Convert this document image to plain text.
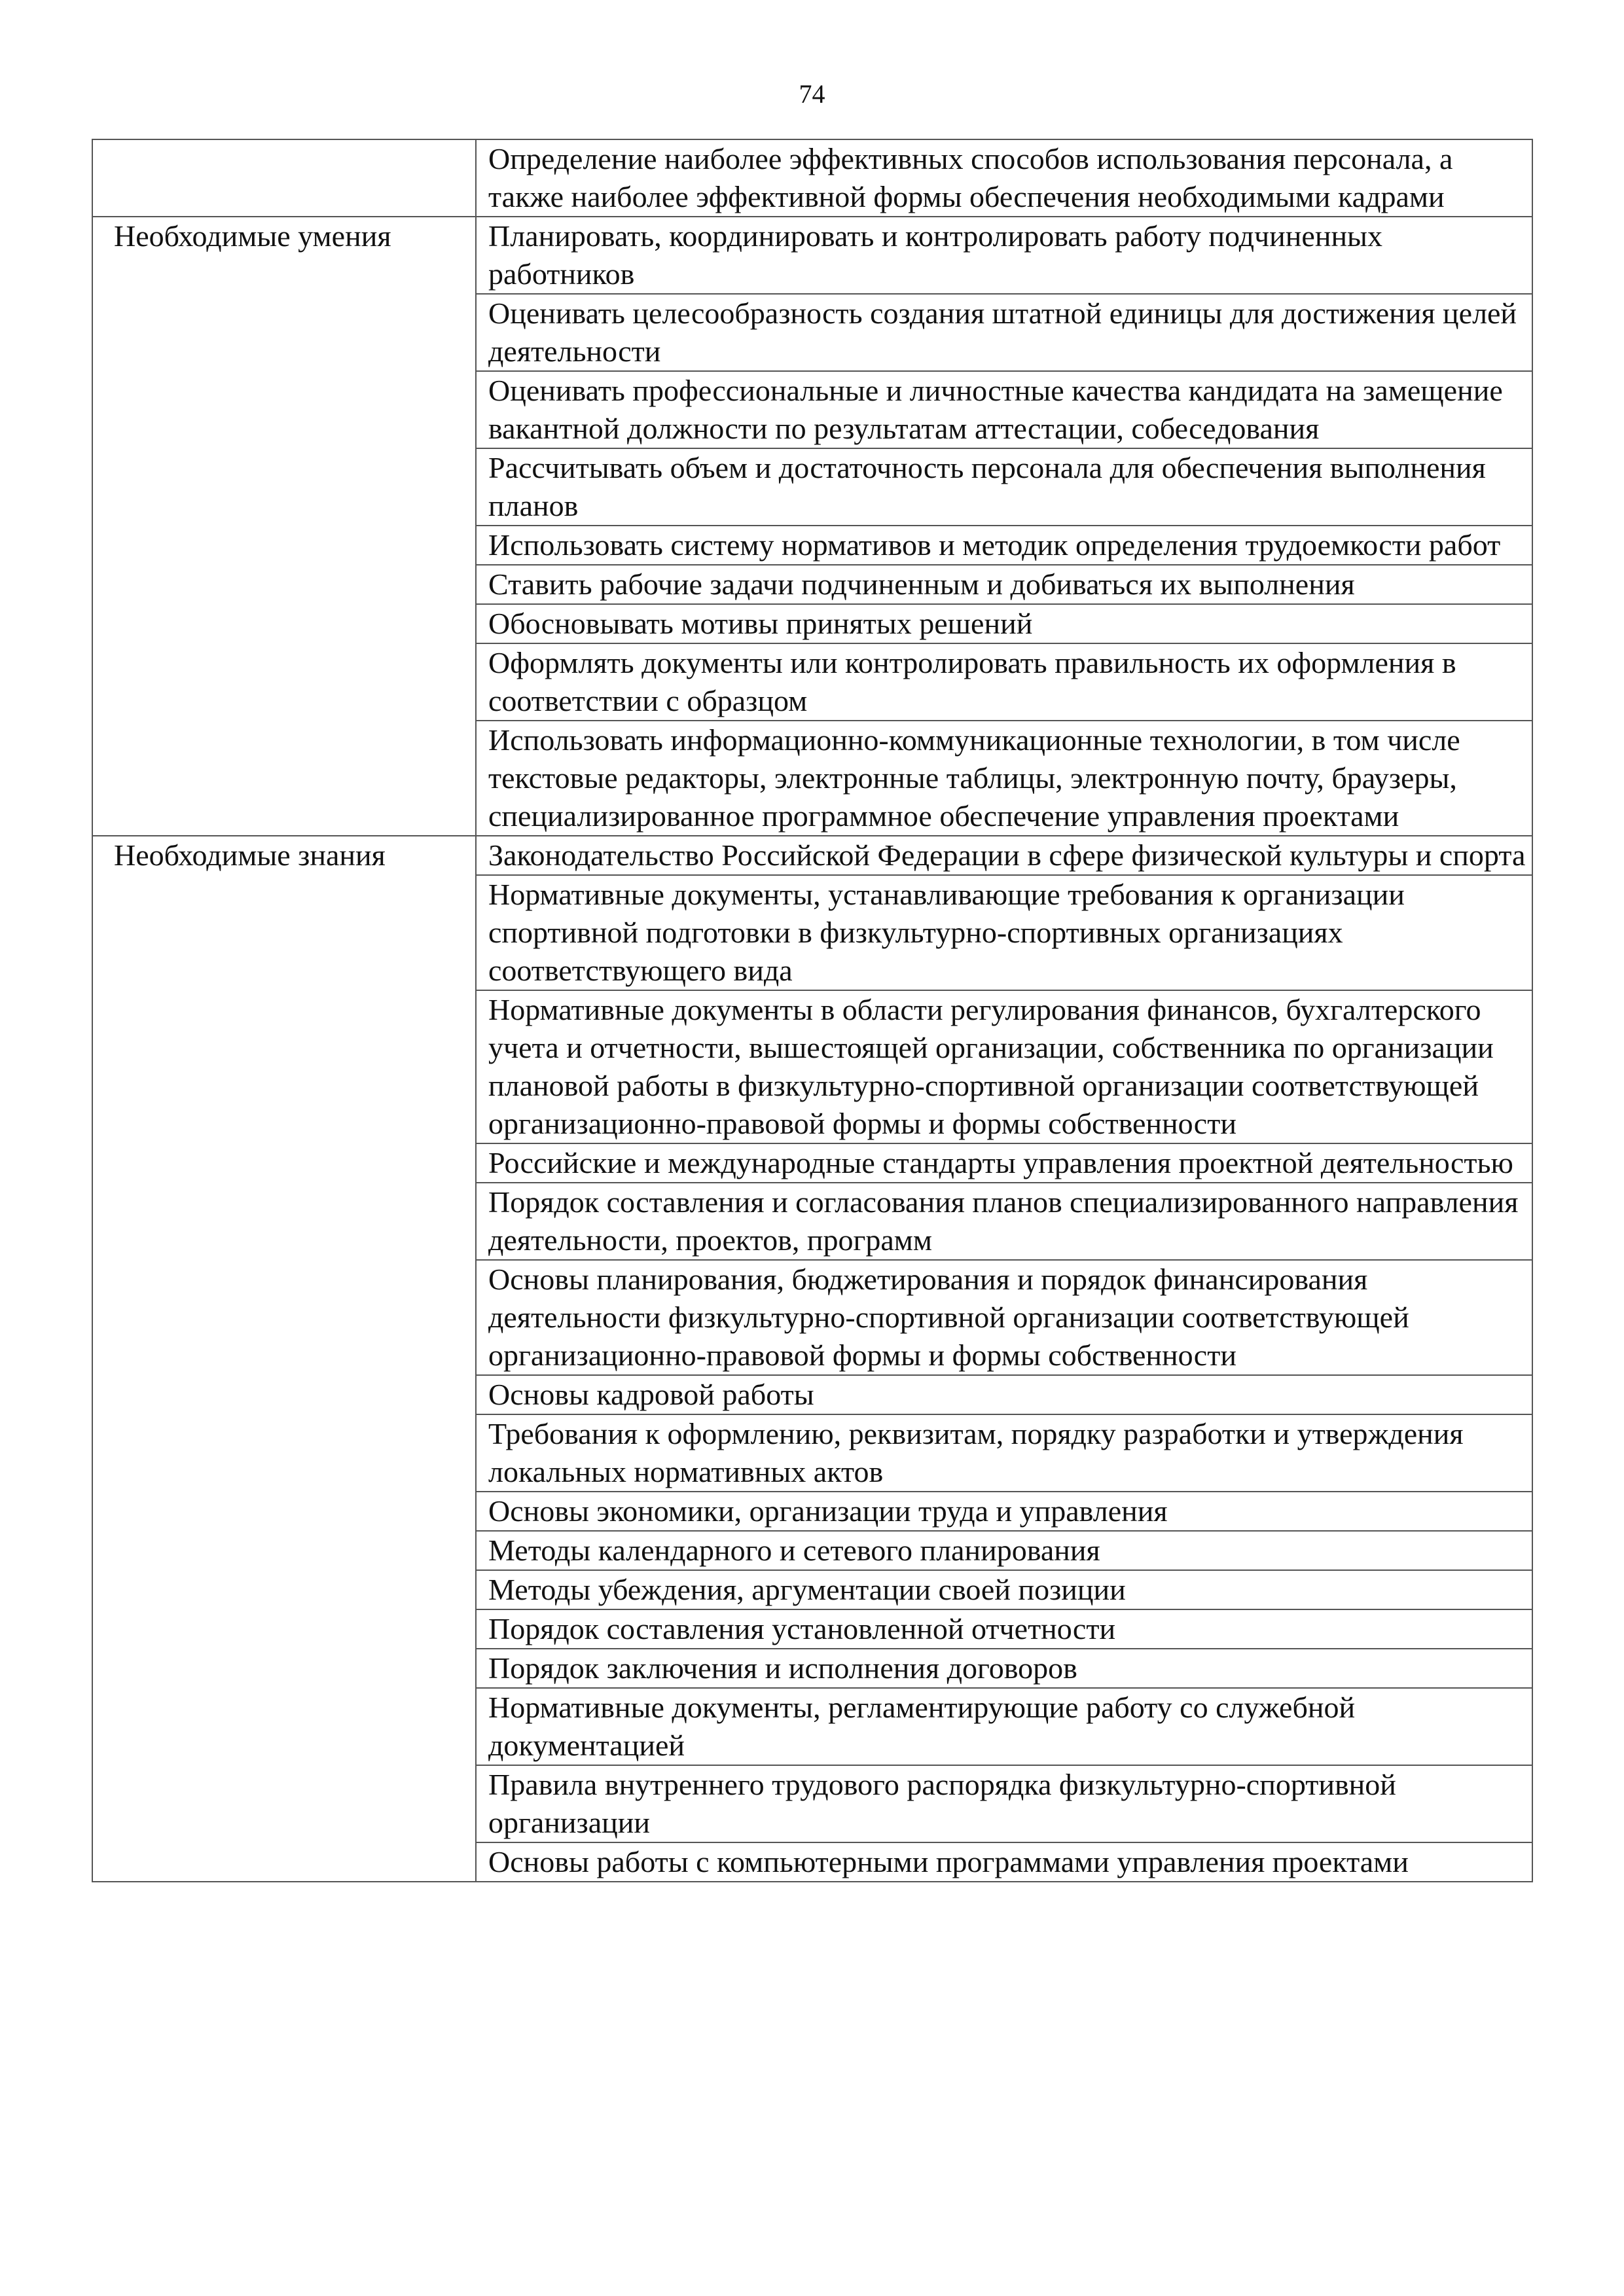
74
	Определение наиболее эффективных способов использования персонала, а также наиболее эффективной формы обеспечения необходимыми кадрами
Необходимые умения	Планировать, координировать и контролировать работу подчиненных работников
	Оценивать целесообразность создания штатной единицы для достижения целей деятельности
	Оценивать профессиональные и личностные качества кандидата на замещение вакантной должности по результатам аттестации, собеседования
	Рассчитывать объем и достаточность персонала для обеспечения выполнения планов
	Использовать систему нормативов и методик определения трудоемкости работ
	Ставить рабочие задачи подчиненным и добиваться их выполнения
	Обосновывать мотивы принятых решений
	Оформлять документы или контролировать правильность их оформления в соответствии с образцом
	Использовать информационно-коммуникационные технологии, в том числе текстовые редакторы, электронные таблицы, электронную почту, браузеры, специализированное программное обеспечение управления проектами
Необходимые знания	Законодательство Российской Федерации в сфере физической культуры и спорта
	Нормативные документы, устанавливающие требования к организации спортивной подготовки в физкультурно-спортивных организациях соответствующего вида
	Нормативные документы в области регулирования финансов, бухгалтерского учета и отчетности, вышестоящей организации, собственника по организации плановой работы в физкультурно-спортивной организации соответствующей организационно-правовой формы и формы собственности
	Российские и международные стандарты управления проектной деятельностью
	Порядок составления и согласования планов специализированного направления деятельности, проектов, программ
	Основы планирования, бюджетирования и порядок финансирования деятельности физкультурно-спортивной организации соответствующей организационно-правовой формы и формы собственности
	Основы кадровой работы
	Требования к оформлению, реквизитам, порядку разработки и утверждения локальных нормативных актов
	Основы экономики, организации труда и управления
	Методы календарного и сетевого планирования
	Методы убеждения, аргументации своей позиции
	Порядок составления установленной отчетности
	Порядок заключения и исполнения договоров
	Нормативные документы, регламентирующие работу со служебной документацией
	Правила внутреннего трудового распорядка физкультурно-спортивной организации
	Основы работы с компьютерными программами управления проектами
